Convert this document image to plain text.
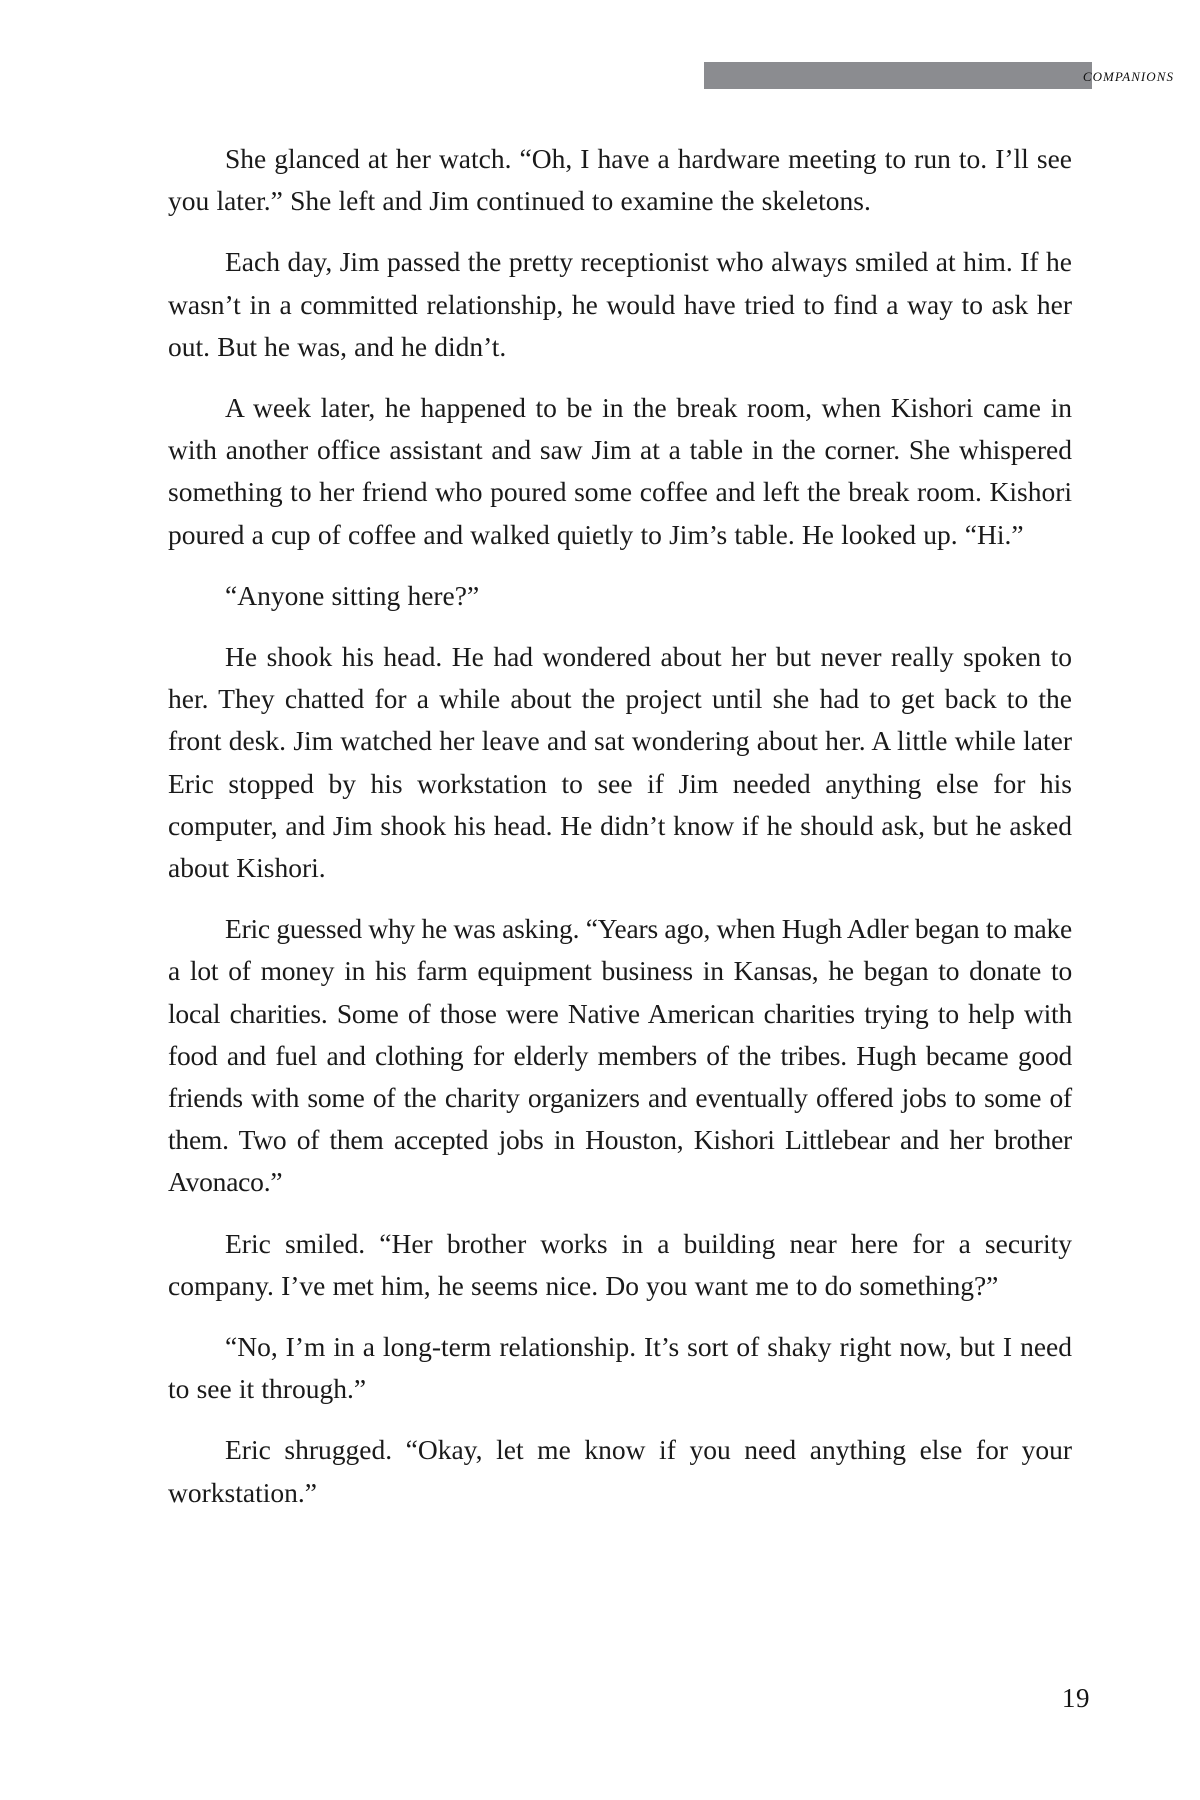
companions

She glanced at her watch. “Oh, I have a hardware meeting to run to. I’ll see you later.” She left and Jim continued to examine the skeletons.

Each day, Jim passed the pretty receptionist who always smiled at him. If he wasn’t in a committed relationship, he would have tried to find a way to ask her out. But he was, and he didn’t.

A week later, he happened to be in the break room, when Kishori came in with another office assistant and saw Jim at a table in the corner. She whispered something to her friend who poured some coffee and left the break room. Kishori poured a cup of coffee and walked quietly to Jim’s table. He looked up. “Hi.”

“Anyone sitting here?”

He shook his head. He had wondered about her but never really spoken to her. They chatted for a while about the project until she had to get back to the front desk. Jim watched her leave and sat wondering about her. A little while later Eric stopped by his workstation to see if Jim needed anything else for his computer, and Jim shook his head. He didn’t know if he should ask, but he asked about Kishori.

Eric guessed why he was asking. “Years ago, when Hugh Adler began to make a lot of money in his farm equipment business in Kansas, he began to donate to local charities. Some of those were Native American charities trying to help with food and fuel and clothing for elderly members of the tribes. Hugh became good friends with some of the charity organizers and eventually offered jobs to some of them. Two of them accepted jobs in Houston, Kishori Littlebear and her brother Avonaco.”

Eric smiled. “Her brother works in a building near here for a security company. I’ve met him, he seems nice. Do you want me to do something?”

“No, I’m in a long-term relationship. It’s sort of shaky right now, but I need to see it through.”

Eric shrugged. “Okay, let me know if you need anything else for your workstation.”

19
